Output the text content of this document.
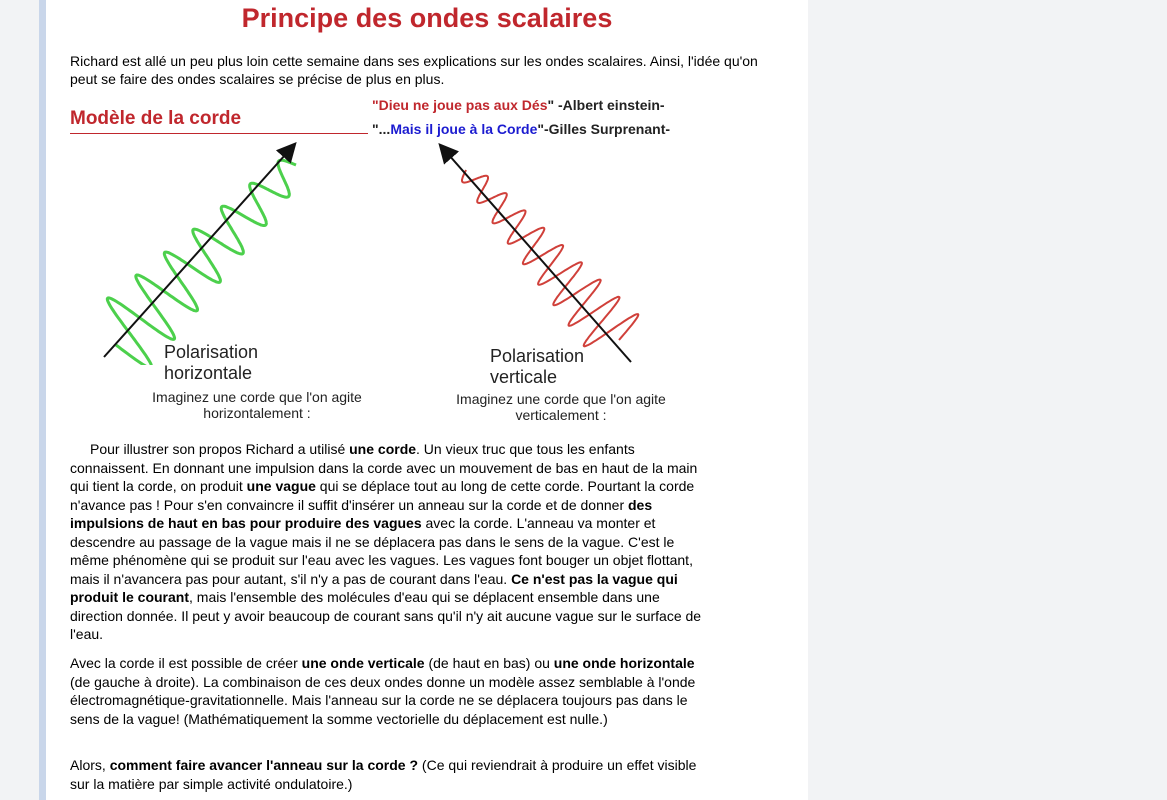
Principe des ondes scalaires

Richard est allé un peu plus loin cette semaine dans ses explications sur les ondes scalaires. Ainsi, l'idée qu'on peut se faire des ondes scalaires se précise de plus en plus.

Modèle de la corde
"Dieu ne joue pas aux Dés" -Albert einstein-
"...Mais il joue à la Corde"-Gilles Surprenant-
Polarisation
horizontale
Imaginez une corde que l'on agite
horizontalement :
Polarisation
verticale
Imaginez une corde que l'on agite
verticalement :

Pour illustrer son propos Richard a utilisé une corde. Un vieux truc que tous les enfants connaissent. En donnant une impulsion dans la corde avec un mouvement de bas en haut de la main qui tient la corde, on produit une vague qui se déplace tout au long de cette corde. Pourtant la corde n'avance pas ! Pour s'en convaincre il suffit d'insérer un anneau sur la corde et de donner des impulsions de haut en bas pour produire des vagues avec la corde. L'anneau va monter et descendre au passage de la vague mais il ne se déplacera pas dans le sens de la vague. C'est le même phénomène qui se produit sur l'eau avec les vagues. Les vagues font bouger un objet flottant, mais il n'avancera pas pour autant, s'il n'y a pas de courant dans l'eau. Ce n'est pas la vague qui produit le courant, mais l'ensemble des molécules d'eau qui se déplacent ensemble dans une direction donnée. Il peut y avoir beaucoup de courant sans qu'il n'y ait aucune vague sur le surface de l'eau.

Avec la corde il est possible de créer une onde verticale (de haut en bas) ou une onde horizontale (de gauche à droite). La combinaison de ces deux ondes donne un modèle assez semblable à l'onde électromagnétique-gravitationnelle. Mais l'anneau sur la corde ne se déplacera toujours pas dans le sens de la vague! (Mathématiquement la somme vectorielle du déplacement est nulle.)

Alors, comment faire avancer l'anneau sur la corde ? (Ce qui reviendrait à produire un effet visible sur la matière par simple activité ondulatoire.)
